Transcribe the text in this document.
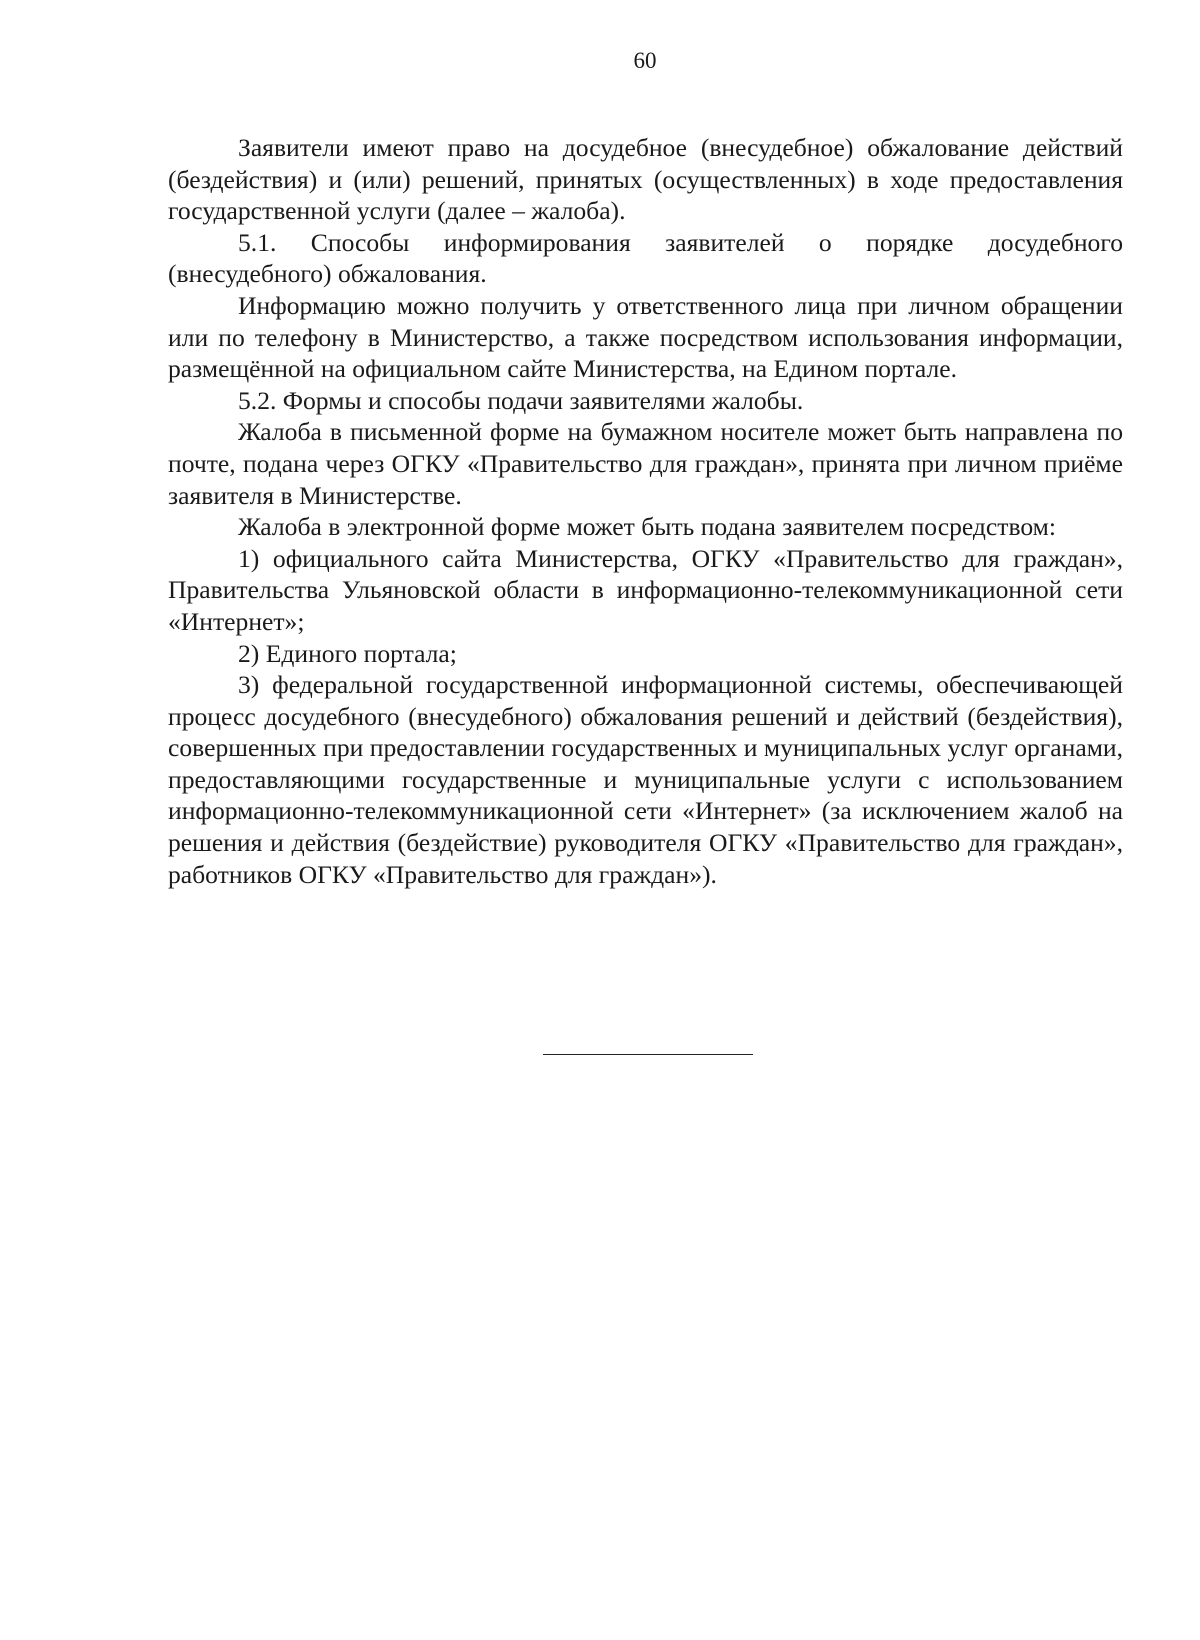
60

Заявители имеют право на досудебное (внесудебное) обжалование действий (бездействия) и (или) решений, принятых (осуществленных) в ходе предоставления государственной услуги (далее – жалоба).

5.1. Способы информирования заявителей о порядке досудебного (внесудебного) обжалования.

Информацию можно получить у ответственного лица при личном обращении или по телефону в Министерство, а также посредством использования информации, размещённой на официальном сайте Министерства, на Едином портале.

5.2. Формы и способы подачи заявителями жалобы.

Жалоба в письменной форме на бумажном носителе может быть направлена по почте, подана через ОГКУ «Правительство для граждан», принята при личном приёме заявителя в Министерстве.

Жалоба в электронной форме может быть подана заявителем посредством:

1) официального сайта Министерства, ОГКУ «Правительство для граждан», Правительства Ульяновской области в информационно-телекоммуникационной сети «Интернет»;

2) Единого портала;

3) федеральной государственной информационной системы, обеспечивающей процесс досудебного (внесудебного) обжалования решений и действий (бездействия), совершенных при предоставлении государственных и муниципальных услуг органами, предоставляющими государственные и муниципальные услуги с использованием информационно-телекоммуникационной сети «Интернет» (за исключением жалоб на решения и действия (бездействие) руководителя ОГКУ «Правительство для граждан», работников ОГКУ «Правительство для граждан»).
